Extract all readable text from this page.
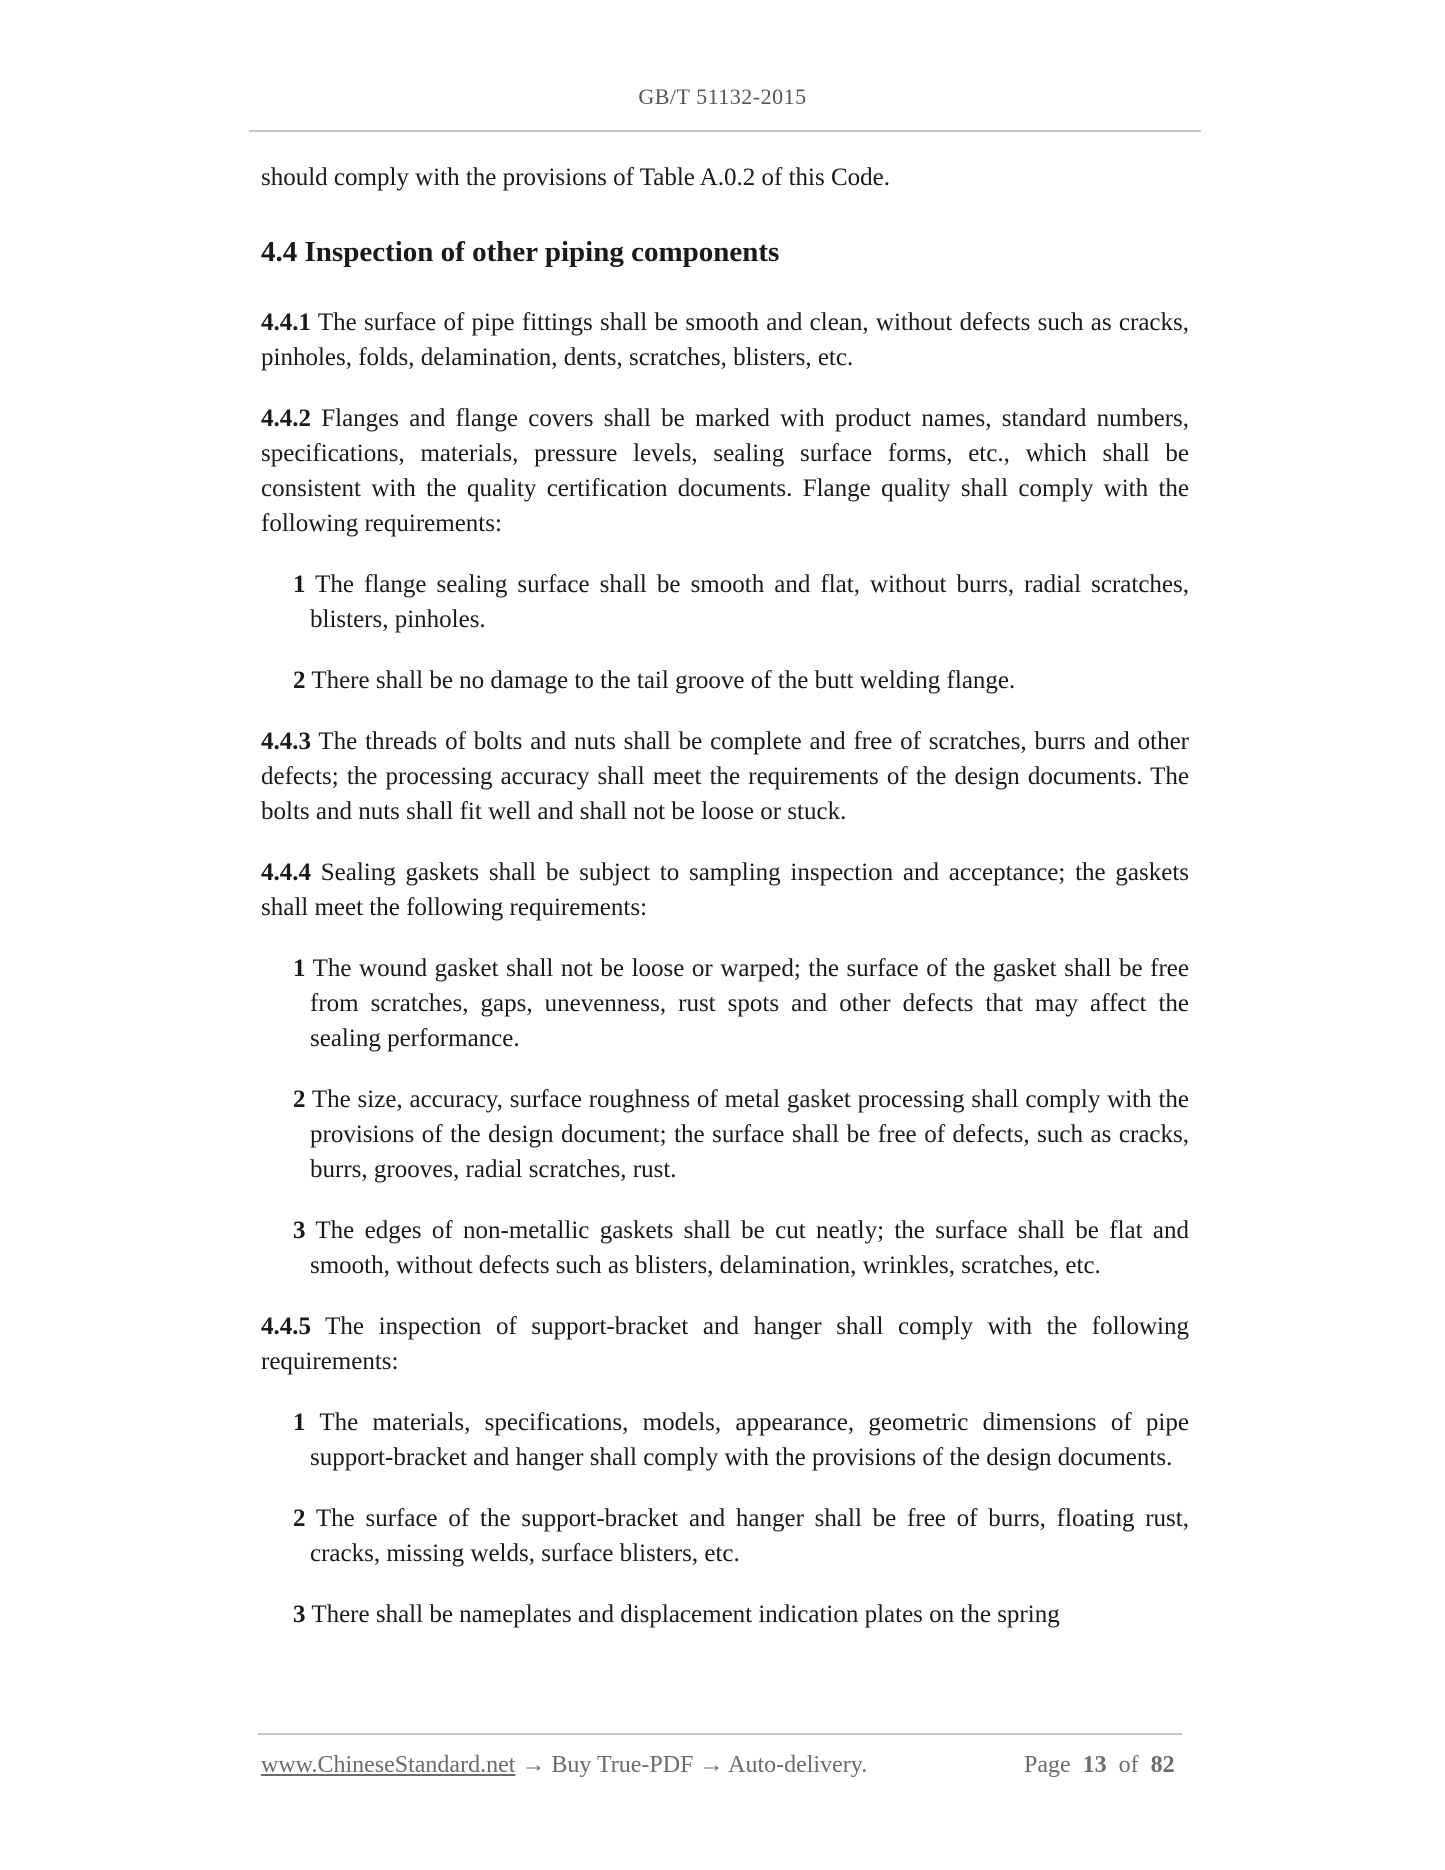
GB/T 51132-2015

should comply with the provisions of Table A.0.2 of this Code.

4.4 Inspection of other piping components

4.4.1 The surface of pipe fittings shall be smooth and clean, without defects such as cracks, pinholes, folds, delamination, dents, scratches, blisters, etc.

4.4.2 Flanges and flange covers shall be marked with product names, standard numbers, specifications, materials, pressure levels, sealing surface forms, etc., which shall be consistent with the quality certification documents. Flange quality shall comply with the following requirements:

1 The flange sealing surface shall be smooth and flat, without burrs, radial scratches, blisters, pinholes.

2 There shall be no damage to the tail groove of the butt welding flange.

4.4.3 The threads of bolts and nuts shall be complete and free of scratches, burrs and other defects; the processing accuracy shall meet the requirements of the design documents. The bolts and nuts shall fit well and shall not be loose or stuck.

4.4.4 Sealing gaskets shall be subject to sampling inspection and acceptance; the gaskets shall meet the following requirements:

1 The wound gasket shall not be loose or warped; the surface of the gasket shall be free from scratches, gaps, unevenness, rust spots and other defects that may affect the sealing performance.

2 The size, accuracy, surface roughness of metal gasket processing shall comply with the provisions of the design document; the surface shall be free of defects, such as cracks, burrs, grooves, radial scratches, rust.

3 The edges of non-metallic gaskets shall be cut neatly; the surface shall be flat and smooth, without defects such as blisters, delamination, wrinkles, scratches, etc.

4.4.5 The inspection of support-bracket and hanger shall comply with the following requirements:

1 The materials, specifications, models, appearance, geometric dimensions of pipe support-bracket and hanger shall comply with the provisions of the design documents.

2 The surface of the support-bracket and hanger shall be free of burrs, floating rust, cracks, missing welds, surface blisters, etc.

3 There shall be nameplates and displacement indication plates on the spring

www.ChineseStandard.net → Buy True-PDF → Auto-delivery.	Page 13 of 82
